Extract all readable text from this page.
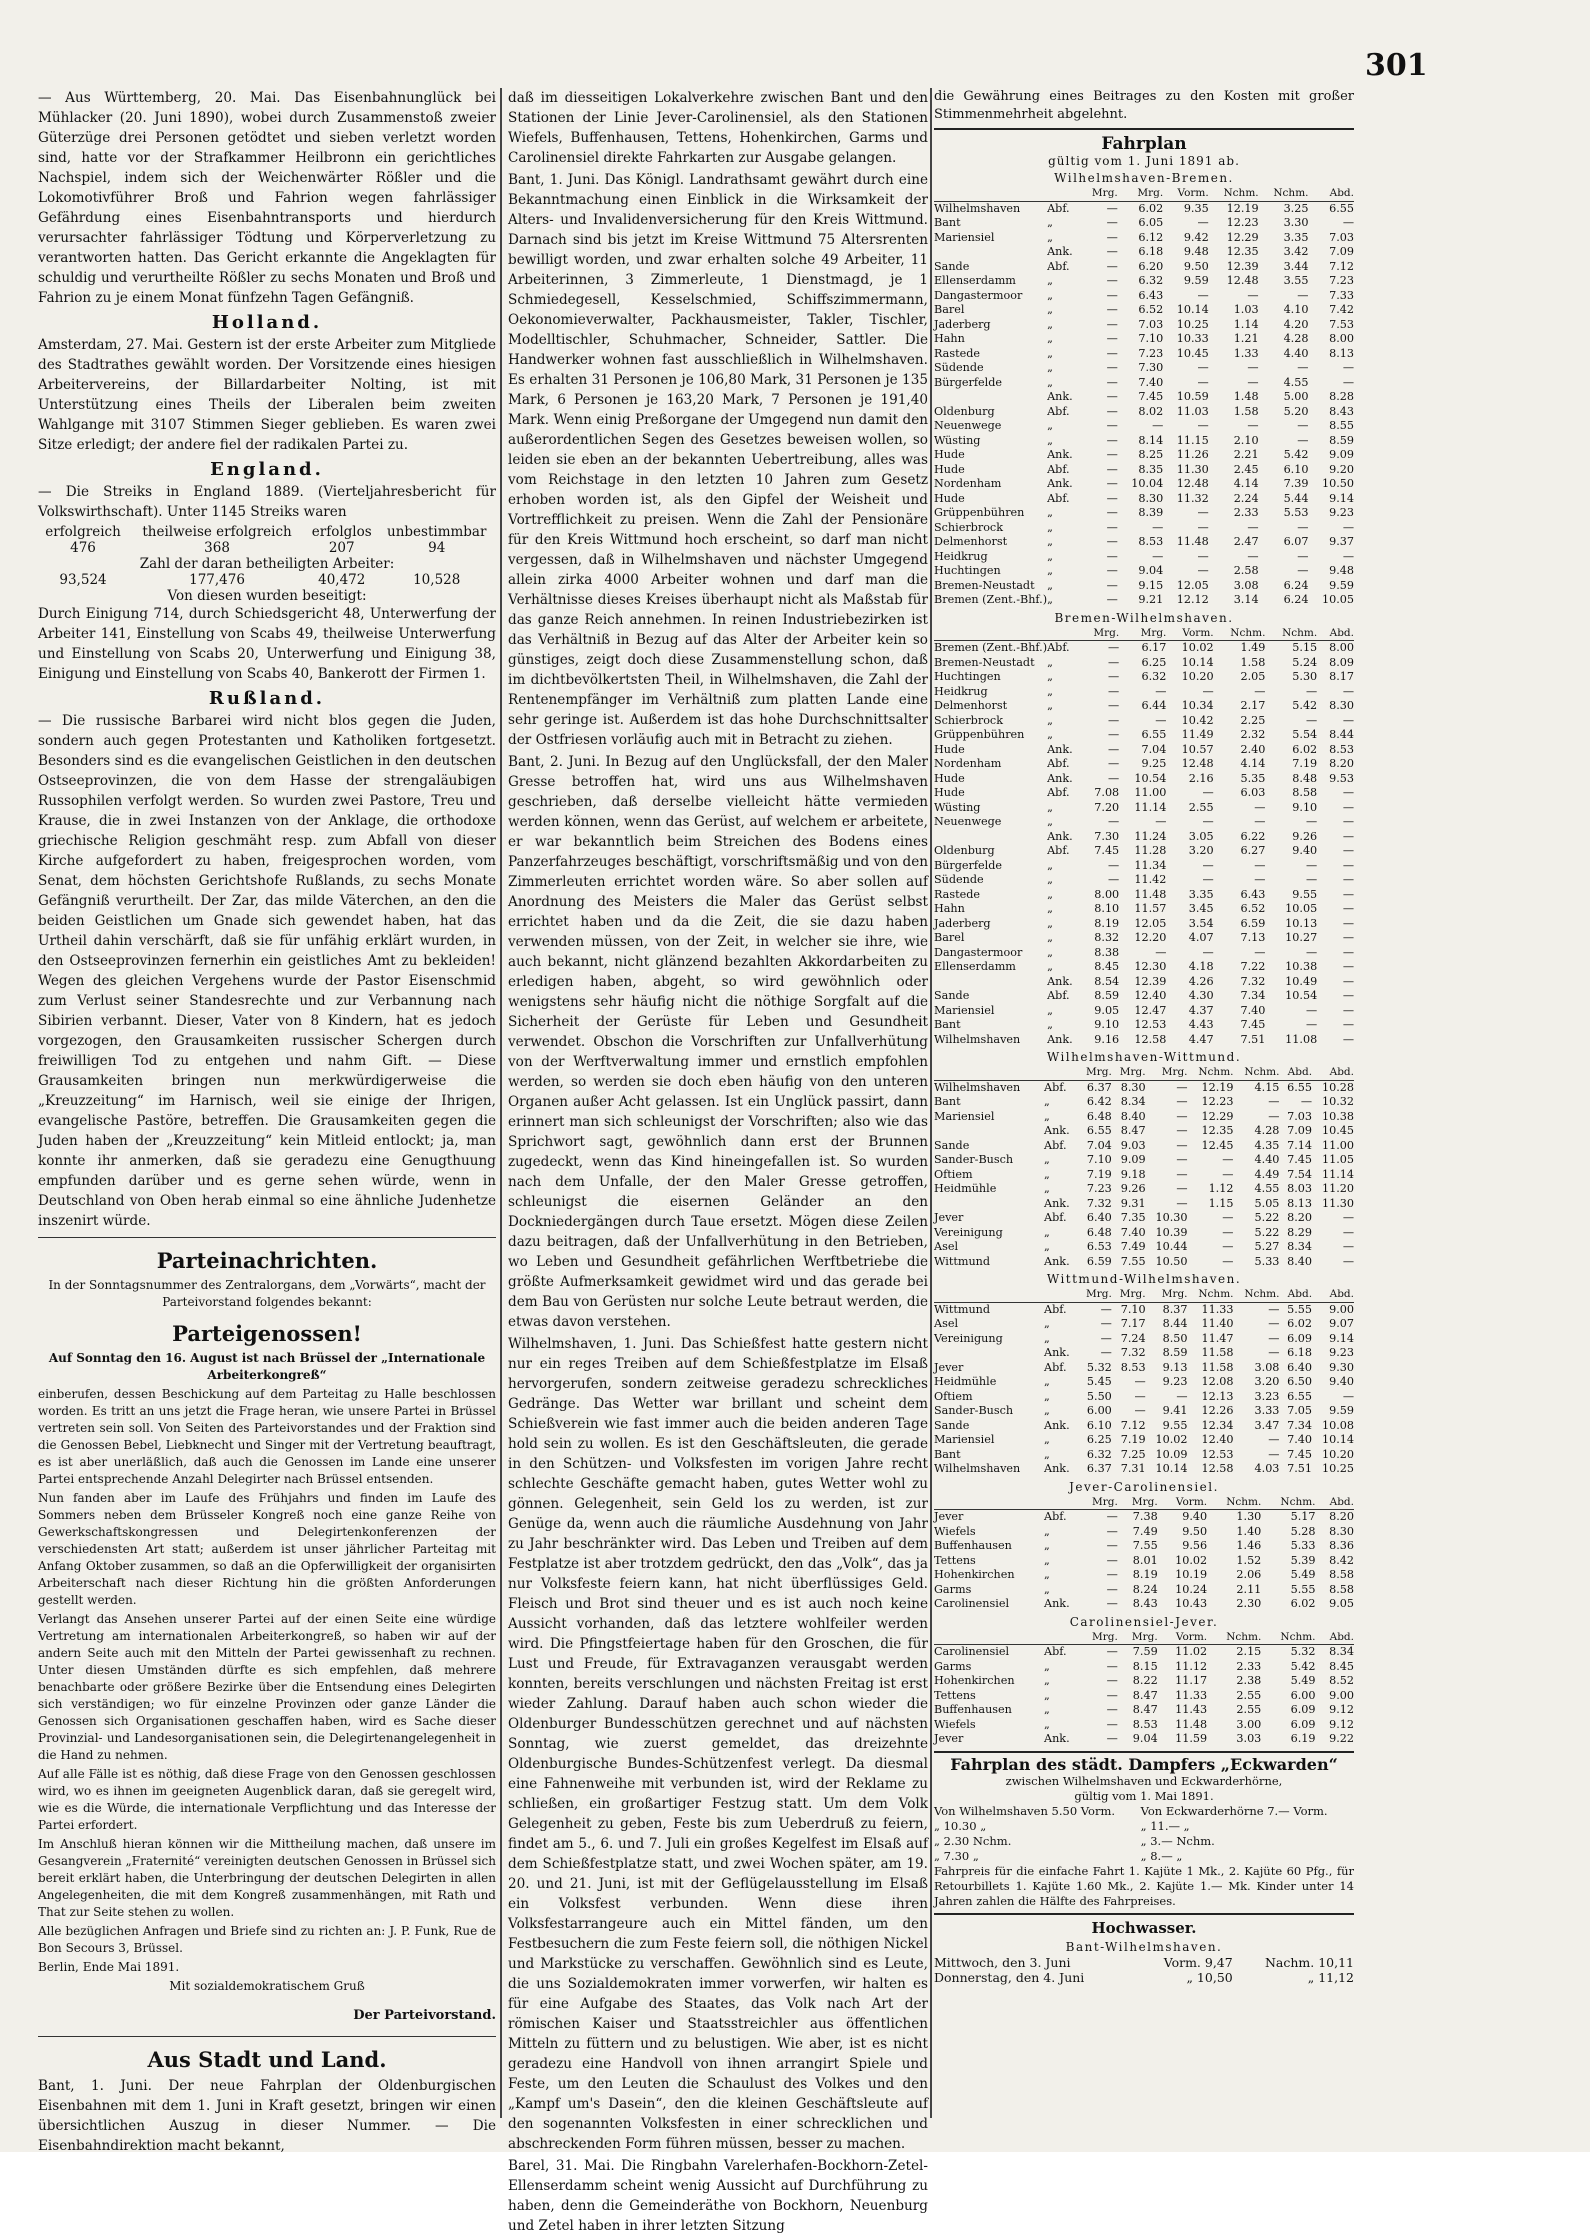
301

— Aus Württemberg, 20. Mai. Das Eisenbahnunglück bei Mühlacker (20. Juni 1890), wobei durch Zusammenstoß zweier Güterzüge drei Personen getödtet und sieben verletzt worden sind, hatte vor der Strafkammer Heilbronn ein gerichtliches Nachspiel, indem sich der Weichenwärter Rößler und die Lokomotivführer Broß und Fahrion wegen fahrlässiger Gefährdung eines Eisenbahntransports und hierdurch verursachter fahrlässiger Tödtung und Körperverletzung zu verantworten hatten. Das Gericht erkannte die Angeklagten für schuldig und verurtheilte Rößler zu sechs Monaten und Broß und Fahrion zu je einem Monat fünfzehn Tagen Gefängniß.

Holland.

Amsterdam, 27. Mai. Gestern ist der erste Arbeiter zum Mitgliede des Stadtrathes gewählt worden. Der Vorsitzende eines hiesigen Arbeitervereins, der Billardarbeiter Nolting, ist mit Unterstützung eines Theils der Liberalen beim zweiten Wahlgange mit 3107 Stimmen Sieger geblieben. Es waren zwei Sitze erledigt; der andere fiel der radikalen Partei zu.

England.

— Die Streiks in England 1889. (Vierteljahresbericht für Volkswirthschaft). Unter 1145 Streiks waren

erfolgreich	theilweise erfolgreich	erfolglos	unbestimmbar
476	368	207	94
Zahl der daran betheiligten Arbeiter:			
93,524	177,476	40,472	10,528
Von diesen wurden beseitigt:			

Durch Einigung 714, durch Schiedsgericht 48, Unterwerfung der Arbeiter 141, Einstellung von Scabs 49, theilweise Unterwerfung und Einstellung von Scabs 20, Unterwerfung und Einigung 38, Einigung und Einstellung von Scabs 40, Bankerott der Firmen 1.

Rußland.

— Die russische Barbarei wird nicht blos gegen die Juden, sondern auch gegen Protestanten und Katholiken fortgesetzt. Besonders sind es die evangelischen Geistlichen in den deutschen Ostseeprovinzen, die von dem Hasse der strengaläubigen Russophilen verfolgt werden. So wurden zwei Pastore, Treu und Krause, die in zwei Instanzen von der Anklage, die orthodoxe griechische Religion geschmäht resp. zum Abfall von dieser Kirche aufgefordert zu haben, freigesprochen worden, vom Senat, dem höchsten Gerichtshofe Rußlands, zu sechs Monate Gefängniß verurtheilt. Der Zar, das milde Väterchen, an den die beiden Geistlichen um Gnade sich gewendet haben, hat das Urtheil dahin verschärft, daß sie für unfähig erklärt wurden, in den Ostseeprovinzen fernerhin ein geistliches Amt zu bekleiden! Wegen des gleichen Vergehens wurde der Pastor Eisenschmid zum Verlust seiner Standesrechte und zur Verbannung nach Sibirien verbannt. Dieser, Vater von 8 Kindern, hat es jedoch vorgezogen, den Grausamkeiten russischer Schergen durch freiwilligen Tod zu entgehen und nahm Gift. — Diese Grausamkeiten bringen nun merkwürdigerweise die „Kreuzzeitung“ im Harnisch, weil sie einige der Ihrigen, evangelische Pastöre, betreffen. Die Grausamkeiten gegen die Juden haben der „Kreuzzeitung“ kein Mitleid entlockt; ja, man konnte ihr anmerken, daß sie geradezu eine Genugthuung empfunden darüber und es gerne sehen würde, wenn in Deutschland von Oben herab einmal so eine ähnliche Judenhetze inszenirt würde.

Parteinachrichten.

In der Sonntagsnummer des Zentralorgans, dem „Vorwärts“, macht der Parteivorstand folgendes bekannt:

Parteigenossen!

Auf Sonntag den 16. August ist nach Brüssel der „Internationale Arbeiterkongreß“

einberufen, dessen Beschickung auf dem Parteitag zu Halle beschlossen worden. Es tritt an uns jetzt die Frage heran, wie unsere Partei in Brüssel vertreten sein soll. Von Seiten des Parteivorstandes und der Fraktion sind die Genossen Bebel, Liebknecht und Singer mit der Vertretung beauftragt, es ist aber unerläßlich, daß auch die Genossen im Lande eine unserer Partei entsprechende Anzahl Delegirter nach Brüssel entsenden.

Nun fanden aber im Laufe des Frühjahrs und finden im Laufe des Sommers neben dem Brüsseler Kongreß noch eine ganze Reihe von Gewerkschaftskongressen und Delegirtenkonferenzen der verschiedensten Art statt; außerdem ist unser jährlicher Parteitag mit Anfang Oktober zusammen, so daß an die Opferwilligkeit der organisirten Arbeiterschaft nach dieser Richtung hin die größten Anforderungen gestellt werden.

Verlangt das Ansehen unserer Partei auf der einen Seite eine würdige Vertretung am internationalen Arbeiterkongreß, so haben wir auf der andern Seite auch mit den Mitteln der Partei gewissenhaft zu rechnen. Unter diesen Umständen dürfte es sich empfehlen, daß mehrere benachbarte oder größere Bezirke über die Entsendung eines Delegirten sich verständigen; wo für einzelne Provinzen oder ganze Länder die Genossen sich Organisationen geschaffen haben, wird es Sache dieser Provinzial- und Landesorganisationen sein, die Delegirtenangelegenheit in die Hand zu nehmen.

Auf alle Fälle ist es nöthig, daß diese Frage von den Genossen geschlossen wird, wo es ihnen im geeigneten Augenblick daran, daß sie geregelt wird, wie es die Würde, die internationale Verpflichtung und das Interesse der Partei erfordert.

Im Anschluß hieran können wir die Mittheilung machen, daß unsere im Gesangverein „Fraternité“ vereinigten deutschen Genossen in Brüssel sich bereit erklärt haben, die Unterbringung der deutschen Delegirten in allen Angelegenheiten, die mit dem Kongreß zusammenhängen, mit Rath und That zur Seite stehen zu wollen.

Alle bezüglichen Anfragen und Briefe sind zu richten an: J. P. Funk, Rue de Bon Secours 3, Brüssel.

Berlin, Ende Mai 1891.

Mit sozialdemokratischem Gruß

Der Parteivorstand.

Aus Stadt und Land.

Bant, 1. Juni. Der neue Fahrplan der Oldenburgischen Eisenbahnen mit dem 1. Juni in Kraft gesetzt, bringen wir einen übersichtlichen Auszug in dieser Nummer. — Die Eisenbahndirektion macht bekannt,

daß im diesseitigen Lokalverkehre zwischen Bant und den Stationen der Linie Jever-Carolinensiel, als den Stationen Wiefels, Buffenhausen, Tettens, Hohenkirchen, Garms und Carolinensiel direkte Fahrkarten zur Ausgabe gelangen.

Bant, 1. Juni. Das Königl. Landrathsamt gewährt durch eine Bekanntmachung einen Einblick in die Wirksamkeit der Alters- und Invalidenversicherung für den Kreis Wittmund. Darnach sind bis jetzt im Kreise Wittmund 75 Altersrenten bewilligt worden, und zwar erhalten solche 49 Arbeiter, 11 Arbeiterinnen, 3 Zimmerleute, 1 Dienstmagd, je 1 Schmiedegesell, Kesselschmied, Schiffszimmermann, Oekonomieverwalter, Packhausmeister, Takler, Tischler, Modelltischler, Schuhmacher, Schneider, Sattler. Die Handwerker wohnen fast ausschließlich in Wilhelmshaven. Es erhalten 31 Personen je 106,80 Mark, 31 Personen je 135 Mark, 6 Personen je 163,20 Mark, 7 Personen je 191,40 Mark. Wenn einig Preßorgane der Umgegend nun damit den außerordentlichen Segen des Gesetzes beweisen wollen, so leiden sie eben an der bekannten Uebertreibung, alles was vom Reichstage in den letzten 10 Jahren zum Gesetz erhoben worden ist, als den Gipfel der Weisheit und Vortrefflichkeit zu preisen. Wenn die Zahl der Pensionäre für den Kreis Wittmund hoch erscheint, so darf man nicht vergessen, daß in Wilhelmshaven und nächster Umgegend allein zirka 4000 Arbeiter wohnen und darf man die Verhältnisse dieses Kreises überhaupt nicht als Maßstab für das ganze Reich annehmen. In reinen Industriebezirken ist das Verhältniß in Bezug auf das Alter der Arbeiter kein so günstiges, zeigt doch diese Zusammenstellung schon, daß im dichtbevölkertsten Theil, in Wilhelmshaven, die Zahl der Rentenempfänger im Verhältniß zum platten Lande eine sehr geringe ist. Außerdem ist das hohe Durchschnittsalter der Ostfriesen vorläufig auch mit in Betracht zu ziehen.

Bant, 2. Juni. In Bezug auf den Unglücksfall, der den Maler Gresse betroffen hat, wird uns aus Wilhelmshaven geschrieben, daß derselbe vielleicht hätte vermieden werden können, wenn das Gerüst, auf welchem er arbeitete, er war bekanntlich beim Streichen des Bodens eines Panzerfahrzeuges beschäftigt, vorschriftsmäßig und von den Zimmerleuten errichtet worden wäre. So aber sollen auf Anordnung des Meisters die Maler das Gerüst selbst errichtet haben und da die Zeit, die sie dazu haben verwenden müssen, von der Zeit, in welcher sie ihre, wie auch bekannt, nicht glänzend bezahlten Akkordarbeiten zu erledigen haben, abgeht, so wird gewöhnlich oder wenigstens sehr häufig nicht die nöthige Sorgfalt auf die Sicherheit der Gerüste für Leben und Gesundheit verwendet. Obschon die Vorschriften zur Unfallverhütung von der Werftverwaltung immer und ernstlich empfohlen werden, so werden sie doch eben häufig von den unteren Organen außer Acht gelassen. Ist ein Unglück passirt, dann erinnert man sich schleunigst der Vorschriften; also wie das Sprichwort sagt, gewöhnlich dann erst der Brunnen zugedeckt, wenn das Kind hineingefallen ist. So wurden nach dem Unfalle, der den Maler Gresse getroffen, schleunigst die eisernen Geländer an den Dockniedergängen durch Taue ersetzt. Mögen diese Zeilen dazu beitragen, daß der Unfallverhütung in den Betrieben, wo Leben und Gesundheit gefährlichen Werftbetriebe die größte Aufmerksamkeit gewidmet wird und das gerade bei dem Bau von Gerüsten nur solche Leute betraut werden, die etwas davon verstehen.

Wilhelmshaven, 1. Juni. Das Schießfest hatte gestern nicht nur ein reges Treiben auf dem Schießfestplatze im Elsaß hervorgerufen, sondern zeitweise geradezu schreckliches Gedränge. Das Wetter war brillant und scheint dem Schießverein wie fast immer auch die beiden anderen Tage hold sein zu wollen. Es ist den Geschäftsleuten, die gerade in den Schützen- und Volksfesten im vorigen Jahre recht schlechte Geschäfte gemacht haben, gutes Wetter wohl zu gönnen. Gelegenheit, sein Geld los zu werden, ist zur Genüge da, wenn auch die räumliche Ausdehnung von Jahr zu Jahr beschränkter wird. Das Leben und Treiben auf dem Festplatze ist aber trotzdem gedrückt, den das „Volk“, das ja nur Volksfeste feiern kann, hat nicht überflüssiges Geld. Fleisch und Brot sind theuer und es ist auch noch keine Aussicht vorhanden, daß das letztere wohlfeiler werden wird. Die Pfingstfeiertage haben für den Groschen, die für Lust und Freude, für Extravaganzen verausgabt werden konnten, bereits verschlungen und nächsten Freitag ist erst wieder Zahlung. Darauf haben auch schon wieder die Oldenburger Bundesschützen gerechnet und auf nächsten Sonntag, wie zuerst gemeldet, das dreizehnte Oldenburgische Bundes-Schützenfest verlegt. Da diesmal eine Fahnenweihe mit verbunden ist, wird der Reklame zu schließen, ein großartiger Festzug statt. Um dem Volk Gelegenheit zu geben, Feste bis zum Ueberdruß zu feiern, findet am 5., 6. und 7. Juli ein großes Kegelfest im Elsaß auf dem Schießfestplatze statt, und zwei Wochen später, am 19. 20. und 21. Juni, ist mit der Geflügelausstellung im Elsaß ein Volksfest verbunden. Wenn diese ihren Volksfestarrangeure auch ein Mittel fänden, um den Festbesuchern die zum Feste feiern soll, die nöthigen Nickel und Markstücke zu verschaffen. Gewöhnlich sind es Leute, die uns Sozialdemokraten immer vorwerfen, wir halten es für eine Aufgabe des Staates, das Volk nach Art der römischen Kaiser und Staatsstreichler aus öffentlichen Mitteln zu füttern und zu belustigen. Wie aber, ist es nicht geradezu eine Handvoll von ihnen arrangirt Spiele und Feste, um den Leuten die Schaulust des Volkes und den „Kampf um's Dasein“, den die kleinen Geschäftsleute auf den sogenannten Volksfesten in einer schrecklichen und abschreckenden Form führen müssen, besser zu machen.

Barel, 31. Mai. Die Ringbahn Varelerhafen-Bockhorn-Zetel-Ellenserdamm scheint wenig Aussicht auf Durchführung zu haben, denn die Gemeinderäthe von Bockhorn, Neuenburg und Zetel haben in ihrer letzten Sitzung

die Gewährung eines Beitrages zu den Kosten mit großer Stimmenmehrheit abgelehnt.

Fahrplan
gültig vom 1. Juni 1891 ab.
Wilhelmshaven-Bremen.
		Mrg.	Mrg.	Vorm.	Nchm.	Nchm.	Abd.
Wilhelmshaven	Abf.	—	6.02	9.35	12.19	3.25	6.55
Bant	„	—	6.05	—	12.23	3.30	—
Mariensiel	„	—	6.12	9.42	12.29	3.35	7.03
	Ank.	—	6.18	9.48	12.35	3.42	7.09
Sande	Abf.	—	6.20	9.50	12.39	3.44	7.12
Ellenserdamm	„	—	6.32	9.59	12.48	3.55	7.23
Dangastermoor	„	—	6.43	—	—	—	7.33
Barel	„	—	6.52	10.14	1.03	4.10	7.42
Jaderberg	„	—	7.03	10.25	1.14	4.20	7.53
Hahn	„	—	7.10	10.33	1.21	4.28	8.00
Rastede	„	—	7.23	10.45	1.33	4.40	8.13
Südende	„	—	7.30	—	—	—	—
Bürgerfelde	„	—	7.40	—	—	4.55	—
	Ank.	—	7.45	10.59	1.48	5.00	8.28
Oldenburg	Abf.	—	8.02	11.03	1.58	5.20	8.43
Neuenwege	„	—	—	—	—	—	8.55
Wüsting	„	—	8.14	11.15	2.10	—	8.59
Hude	Ank.	—	8.25	11.26	2.21	5.42	9.09
Hude	Abf.	—	8.35	11.30	2.45	6.10	9.20
Nordenham	Ank.	—	10.04	12.48	4.14	7.39	10.50
Hude	Abf.	—	8.30	11.32	2.24	5.44	9.14
Grüppenbühren	„	—	8.39	—	2.33	5.53	9.23
Schierbrock	„	—	—	—	—	—	—
Delmenhorst	„	—	8.53	11.48	2.47	6.07	9.37
Heidkrug	„	—	—	—	—	—	—
Huchtingen	„	—	9.04	—	2.58	—	9.48
Bremen-Neustadt	„	—	9.15	12.05	3.08	6.24	9.59
Bremen (Zent.-Bhf.)	„	—	9.21	12.12	3.14	6.24	10.05
Bremen-Wilhelmshaven.
		Mrg.	Mrg.	Vorm.	Nchm.	Nchm.	Abd.
Bremen (Zent.-Bhf.)	Abf.	—	6.17	10.02	1.49	5.15	8.00
Bremen-Neustadt	„	—	6.25	10.14	1.58	5.24	8.09
Huchtingen	„	—	6.32	10.20	2.05	5.30	8.17
Heidkrug	„	—	—	—	—	—	—
Delmenhorst	„	—	6.44	10.34	2.17	5.42	8.30
Schierbrock	„	—	—	10.42	2.25	—	—
Grüppenbühren	„	—	6.55	11.49	2.32	5.54	8.44
Hude	Ank.	—	7.04	10.57	2.40	6.02	8.53
Nordenham	Abf.	—	9.25	12.48	4.14	7.19	8.20
Hude	Ank.	—	10.54	2.16	5.35	8.48	9.53
Hude	Abf.	7.08	11.00	—	6.03	8.58	—
Wüsting	„	7.20	11.14	2.55	—	9.10	—
Neuenwege	„	—	—	—	—	—	—
	Ank.	7.30	11.24	3.05	6.22	9.26	—
Oldenburg	Abf.	7.45	11.28	3.20	6.27	9.40	—
Bürgerfelde	„	—	11.34	—	—	—	—
Südende	„	—	11.42	—	—	—	—
Rastede	„	8.00	11.48	3.35	6.43	9.55	—
Hahn	„	8.10	11.57	3.45	6.52	10.05	—
Jaderberg	„	8.19	12.05	3.54	6.59	10.13	—
Barel	„	8.32	12.20	4.07	7.13	10.27	—
Dangastermoor	„	8.38	—	—	—	—	—
Ellenserdamm	„	8.45	12.30	4.18	7.22	10.38	—
	Ank.	8.54	12.39	4.26	7.32	10.49	—
Sande	Abf.	8.59	12.40	4.30	7.34	10.54	—
Mariensiel	„	9.05	12.47	4.37	7.40	—	—
Bant	„	9.10	12.53	4.43	7.45	—	—
Wilhelmshaven	Ank.	9.16	12.58	4.47	7.51	11.08	—
Wilhelmshaven-Wittmund.
		Mrg.	Mrg.	Mrg.	Nchm.	Nchm.	Abd.	Abd.
Wilhelmshaven	Abf.	6.37	8.30	—	12.19	4.15	6.55	10.28
Bant	„	6.42	8.34	—	12.23	—	—	10.32
Mariensiel	„	6.48	8.40	—	12.29	—	7.03	10.38
	Ank.	6.55	8.47	—	12.35	4.28	7.09	10.45
Sande	Abf.	7.04	9.03	—	12.45	4.35	7.14	11.00
Sander-Busch	„	7.10	9.09	—	—	4.40	7.45	11.05
Oftiem	„	7.19	9.18	—	—	4.49	7.54	11.14
Heidmühle	„	7.23	9.26	—	1.12	4.55	8.03	11.20
	Ank.	7.32	9.31	—	1.15	5.05	8.13	11.30
Jever	Abf.	6.40	7.35	10.30	—	5.22	8.20	—
Vereinigung	„	6.48	7.40	10.39	—	5.22	8.29	—
Asel	„	6.53	7.49	10.44	—	5.27	8.34	—
Wittmund	Ank.	6.59	7.55	10.50	—	5.33	8.40	—
Wittmund-Wilhelmshaven.
		Mrg.	Mrg.	Mrg.	Nchm.	Nchm.	Abd.	Abd.
Wittmund	Abf.	—	7.10	8.37	11.33	—	5.55	9.00
Asel	„	—	7.17	8.44	11.40	—	6.02	9.07
Vereinigung	„	—	7.24	8.50	11.47	—	6.09	9.14
	Ank.	—	7.32	8.59	11.58	—	6.18	9.23
Jever	Abf.	5.32	8.53	9.13	11.58	3.08	6.40	9.30
Heidmühle	„	5.45	—	9.23	12.08	3.20	6.50	9.40
Oftiem	„	5.50	—	—	12.13	3.23	6.55	—
Sander-Busch	„	6.00	—	9.41	12.26	3.33	7.05	9.59
Sande	Ank.	6.10	7.12	9.55	12.34	3.47	7.34	10.08
Mariensiel	„	6.25	7.19	10.02	12.40	—	7.40	10.14
Bant	„	6.32	7.25	10.09	12.53	—	7.45	10.20
Wilhelmshaven	Ank.	6.37	7.31	10.14	12.58	4.03	7.51	10.25
Jever-Carolinensiel.
		Mrg.	Mrg.	Vorm.	Nchm.	Nchm.	Abd.
Jever	Abf.	—	7.38	9.40	1.30	5.17	8.20
Wiefels	„	—	7.49	9.50	1.40	5.28	8.30
Buffenhausen	„	—	7.55	9.56	1.46	5.33	8.36
Tettens	„	—	8.01	10.02	1.52	5.39	8.42
Hohenkirchen	„	—	8.19	10.19	2.06	5.49	8.58
Garms	„	—	8.24	10.24	2.11	5.55	8.58
Carolinensiel	Ank.	—	8.43	10.43	2.30	6.02	9.05
Carolinensiel-Jever.
		Mrg.	Mrg.	Vorm.	Nchm.	Nchm.	Abd.
Carolinensiel	Abf.	—	7.59	11.02	2.15	5.32	8.34
Garms	„	—	8.15	11.12	2.33	5.42	8.45
Hohenkirchen	„	—	8.22	11.17	2.38	5.49	8.52
Tettens	„	—	8.47	11.33	2.55	6.00	9.00
Buffenhausen	„	—	8.47	11.43	2.55	6.09	9.12
Wiefels	„	—	8.53	11.48	3.00	6.09	9.12
Jever	Ank.	—	9.04	11.59	3.03	6.19	9.22
Fahrplan des städt. Dampfers „Eckwarden“
zwischen Wilhelmshaven und Eckwarderhörne,
gültig vom 1. Mai 1891.
Von Wilhelmshaven 5.50 Vorm.	Von Eckwarderhörne 7.— Vorm.
„ 10.30 „	„ 11.— „
„ 2.30 Nchm.	„ 3.— Nchm.
„ 7.30 „	„ 8.— „
Fahrpreis für die einfache Fahrt 1. Kajüte 1 Mk., 2. Kajüte 60 Pfg., für Retourbillets 1. Kajüte 1.60 Mk., 2. Kajüte 1.— Mk. Kinder unter 14 Jahren zahlen die Hälfte des Fahrpreises.
Hochwasser.
Bant-Wilhelmshaven.
Mittwoch, den 3. Juni	Vorm. 9,47	Nachm. 10,11
Donnerstag, den 4. Juni	„ 10,50	„ 11,12
